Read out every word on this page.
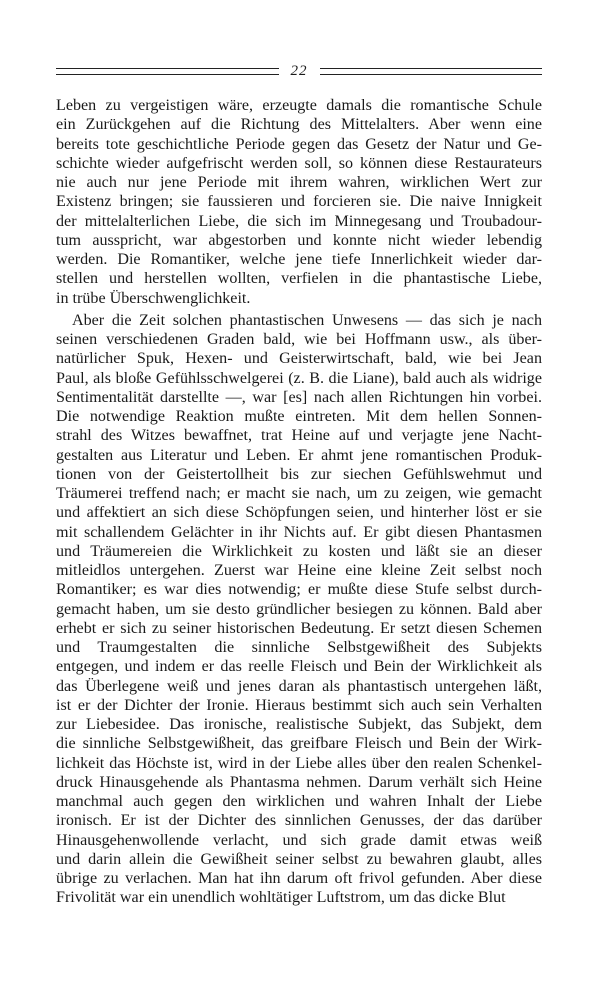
22

Leben zu vergeistigen wäre, erzeugte damals die romantische Schule
ein Zurückgehen auf die Richtung des Mittelalters. Aber wenn eine
bereits tote geschichtliche Periode gegen das Gesetz der Natur und Ge-
schichte wieder aufgefrischt werden soll, so können diese Restaurateurs
nie auch nur jene Periode mit ihrem wahren, wirklichen Wert zur
Existenz bringen; sie faussieren und forcieren sie. Die naive Innigkeit
der mittelalterlichen Liebe, die sich im Minnegesang und Troubadour-
tum ausspricht, war abgestorben und konnte nicht wieder lebendig
werden. Die Romantiker, welche jene tiefe Innerlichkeit wieder dar-
stellen und herstellen wollten, verfielen in die phantastische Liebe,
in trübe Überschwenglichkeit.

Aber die Zeit solchen phantastischen Unwesens — das sich je nach
seinen verschiedenen Graden bald, wie bei Hoffmann usw., als über-
natürlicher Spuk, Hexen- und Geisterwirtschaft, bald, wie bei Jean
Paul, als bloße Gefühlsschwelgerei (z. B. die Liane), bald auch als widrige
Sentimentalität darstellte —, war [es] nach allen Richtungen hin vorbei.
Die notwendige Reaktion mußte eintreten. Mit dem hellen Sonnen-
strahl des Witzes bewaffnet, trat Heine auf und verjagte jene Nacht-
gestalten aus Literatur und Leben. Er ahmt jene romantischen Produk-
tionen von der Geistertollheit bis zur siechen Gefühlswehmut und
Träumerei treffend nach; er macht sie nach, um zu zeigen, wie gemacht
und affektiert an sich diese Schöpfungen seien, und hinterher löst er sie
mit schallendem Gelächter in ihr Nichts auf. Er gibt diesen Phantasmen
und Träumereien die Wirklichkeit zu kosten und läßt sie an dieser
mitleidlos untergehen. Zuerst war Heine eine kleine Zeit selbst noch
Romantiker; es war dies notwendig; er mußte diese Stufe selbst durch-
gemacht haben, um sie desto gründlicher besiegen zu können. Bald aber
erhebt er sich zu seiner historischen Bedeutung. Er setzt diesen Schemen
und Traumgestalten die sinnliche Selbstgewißheit des Subjekts
entgegen, und indem er das reelle Fleisch und Bein der Wirklichkeit als
das Überlegene weiß und jenes daran als phantastisch untergehen läßt,
ist er der Dichter der Ironie. Hieraus bestimmt sich auch sein Verhalten
zur Liebesidee. Das ironische, realistische Subjekt, das Subjekt, dem
die sinnliche Selbstgewißheit, das greifbare Fleisch und Bein der Wirk-
lichkeit das Höchste ist, wird in der Liebe alles über den realen Schenkel-
druck Hinausgehende als Phantasma nehmen. Darum verhält sich Heine
manchmal auch gegen den wirklichen und wahren Inhalt der Liebe
ironisch. Er ist der Dichter des sinnlichen Genusses, der das darüber
Hinausgehenwollende verlacht, und sich grade damit etwas weiß
und darin allein die Gewißheit seiner selbst zu bewahren glaubt, alles
übrige zu verlachen. Man hat ihn darum oft frivol gefunden. Aber diese
Frivolität war ein unendlich wohltätiger Luftstrom, um das dicke Blut
